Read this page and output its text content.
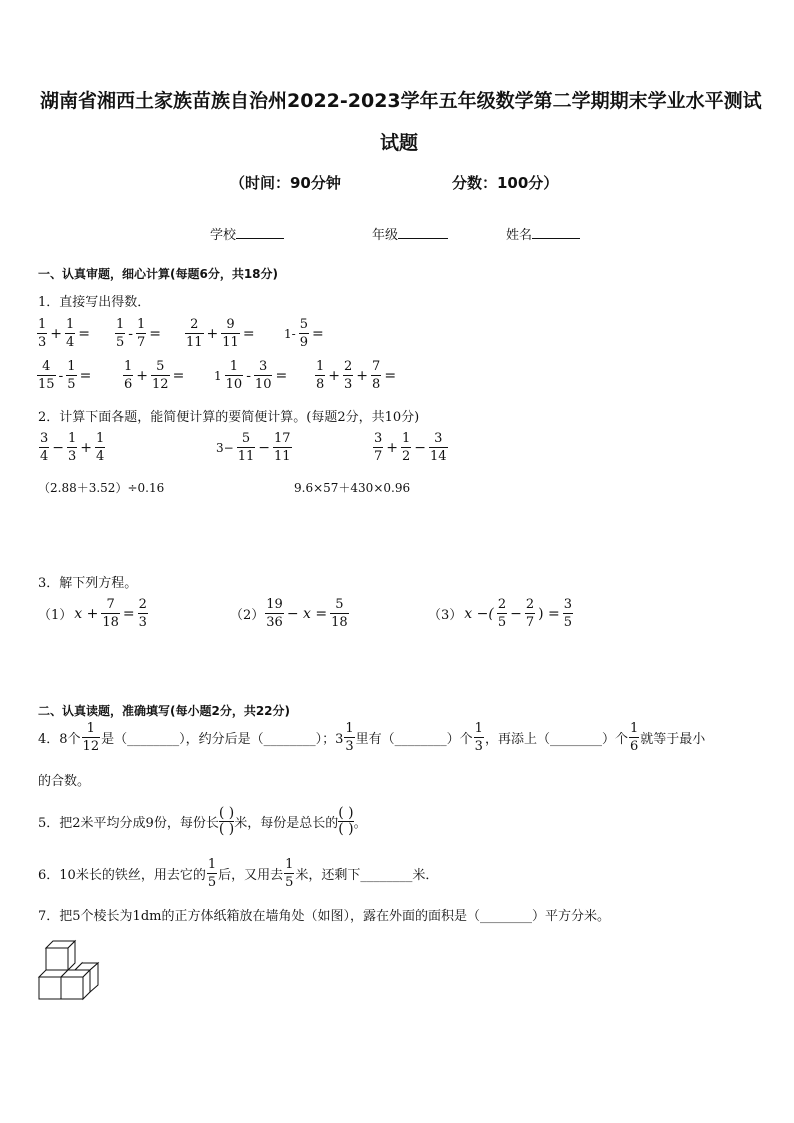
湖南省湘西土家族苗族自治州2022-2023学年五年级数学第二学期期末学业水平测试
试题
（时间：90分钟	分数：100分）
学校	年级	姓名
一、认真审题，细心计算(每题6分，共18分)
1．直接写出得数．
$\frac{1}{3} + \frac{1}{4} = \frac{1}{5} - \frac{1}{7} = \frac{2}{11} + \frac{9}{11} = 1- \frac{5}{9}$ =
$\frac{4}{15} - \frac{1}{5} = \frac{1}{6} + \frac{5}{12} = 1 \frac{1}{10} - \frac{3}{10} = \frac{1}{8} + \frac{2}{3} + \frac{7}{8}$ =
2．计算下面各题，能简便计算的要简便计算。(每题2分，共10分)
$\frac{3}{4} - \frac{1}{3} + \frac{1}{4}$	$3- \frac{5}{11} - \frac{17}{11}$	$\frac{3}{7} + \frac{1}{2} - \frac{3}{14}$
（2.88＋3.52）÷0.16	9.6×57＋430×0.96
3．解下列方程。
（1） $x + \frac{7}{18} = \frac{2}{3}$	$(2) \frac{19}{36} - x = \frac{5}{18}$	（3） x −( $\frac{2}{5} - \frac{2}{7}$ ) = $\frac{3}{5}$
二、认真读题，准确填写(每小题2分，共22分)
4．8个 $\frac{1}{12}$ 是（________），约分后是（________）；$3 \frac{1}{3}$ 里有（________）个 $\frac{1}{3}$ ，再添上（________）个 $\frac{1}{6}$ 就等于最小
的合数。
5．把2米平均分成9份，每份长 $\frac{( )}{( )}$ 米，每份是总长的 $\frac{( )}{( )}$ 。
6．10米长的铁丝，用去它的 $\frac{1}{5}$ 后，又用去 $\frac{1}{5}$ 米，还剩下________米．
7．把5个棱长为1dm的正方体纸箱放在墙角处（如图），露在外面的面积是（________）平方分米。
